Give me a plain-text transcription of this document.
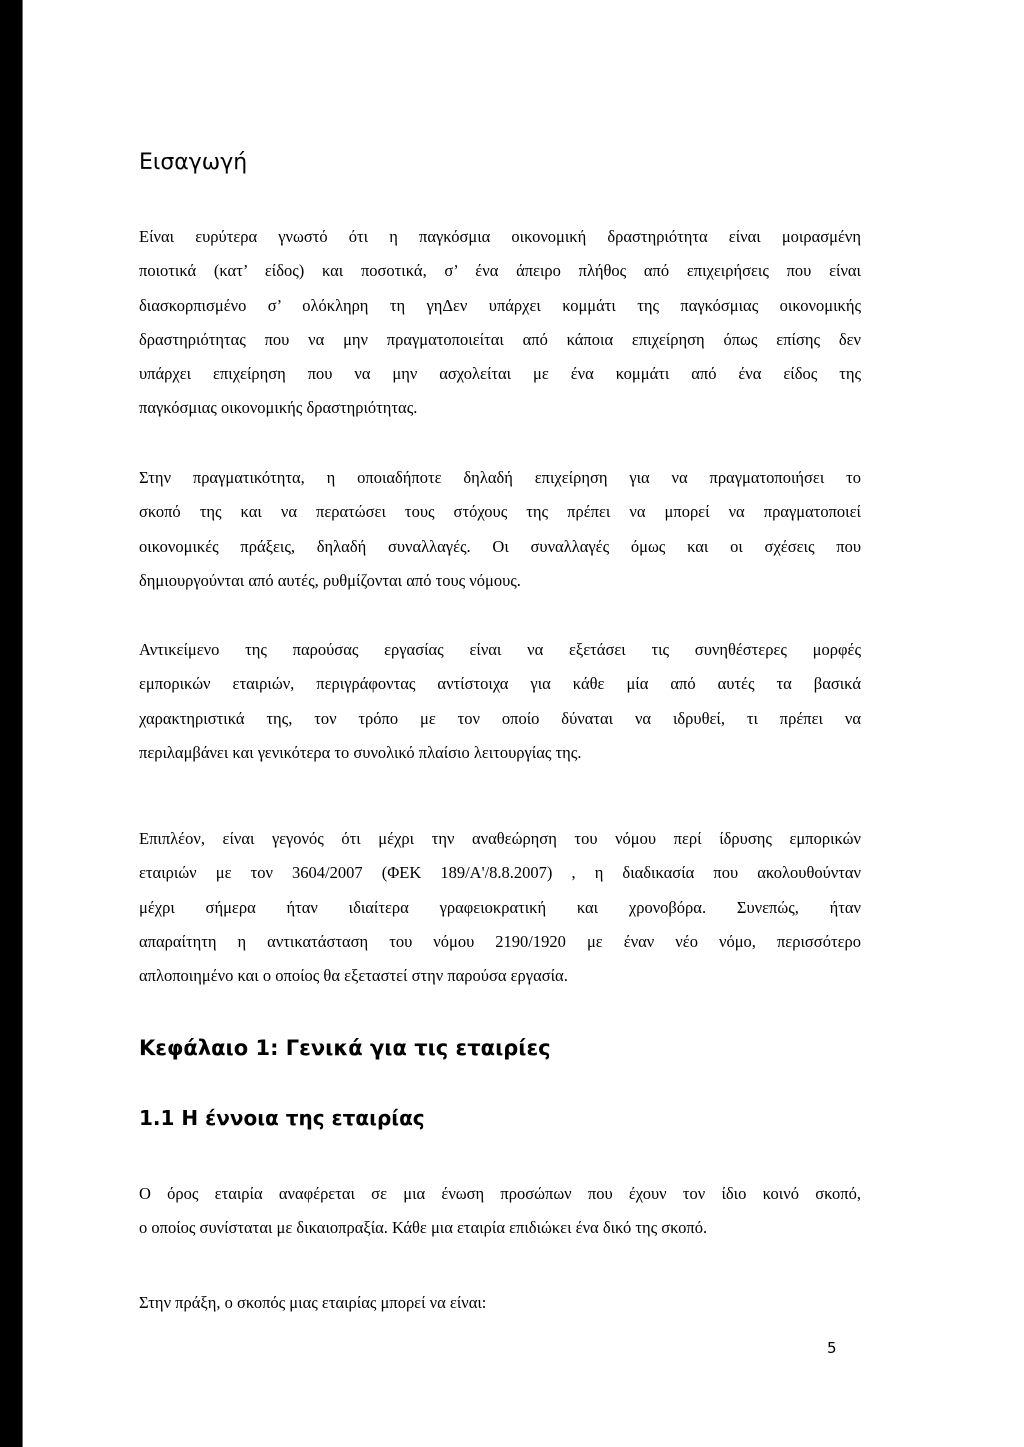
Εισαγωγή

Είναι ευρύτερα γνωστό ότι η παγκόσμια οικονομική δραστηριότητα είναι μοιρασμένη
ποιοτικά (κατ’ είδος) και ποσοτικά, σ’ ένα άπειρο πλήθος από επιχειρήσεις που είναι
διασκορπισμένο σ’ ολόκληρη τη γηΔεν υπάρχει κομμάτι της παγκόσμιας οικονομικής
δραστηριότητας που να μην πραγματοποιείται από κάποια επιχείρηση όπως επίσης δεν
υπάρχει επιχείρηση που να μην ασχολείται με ένα κομμάτι από ένα είδος της
παγκόσμιας οικονομικής δραστηριότητας.

Στην πραγματικότητα, η οποιαδήποτε δηλαδή επιχείρηση για να πραγματοποιήσει το
σκοπό της και να περατώσει τους στόχους της πρέπει να μπορεί να πραγματοποιεί
οικονομικές πράξεις, δηλαδή συναλλαγές. Οι συναλλαγές όμως και οι σχέσεις που
δημιουργούνται από αυτές, ρυθμίζονται από τους νόμους.

Αντικείμενο της παρούσας εργασίας είναι να εξετάσει τις συνηθέστερες μορφές
εμπορικών εταιριών, περιγράφοντας αντίστοιχα για κάθε μία από αυτές τα βασικά
χαρακτηριστικά της, τον τρόπο με τον οποίο δύναται να ιδρυθεί, τι πρέπει να
περιλαμβάνει και γενικότερα το συνολικό πλαίσιο λειτουργίας της.

Επιπλέον, είναι γεγονός ότι μέχρι την αναθεώρηση του νόμου περί ίδρυσης εμπορικών
εταιριών με τον 3604/2007 (ΦΕΚ 189/Α'/8.8.2007) , η διαδικασία που ακολουθούνταν
μέχρι σήμερα ήταν ιδιαίτερα γραφειοκρατική και χρονοβόρα. Συνεπώς, ήταν
απαραίτητη η αντικατάσταση του νόμου 2190/1920 με έναν νέο νόμο, περισσότερο
απλοποιημένο και ο οποίος θα εξεταστεί στην παρούσα εργασία.

Κεφάλαιο 1: Γενικά για τις εταιρίες
1.1 Η έννοια της εταιρίας

Ο όρος εταιρία αναφέρεται σε μια ένωση προσώπων που έχουν τον ίδιο κοινό σκοπό,
ο οποίος συνίσταται με δικαιοπραξία. Κάθε μια εταιρία επιδιώκει ένα δικό της σκοπό.

Στην πράξη, ο σκοπός μιας εταιρίας μπορεί να είναι:

5
